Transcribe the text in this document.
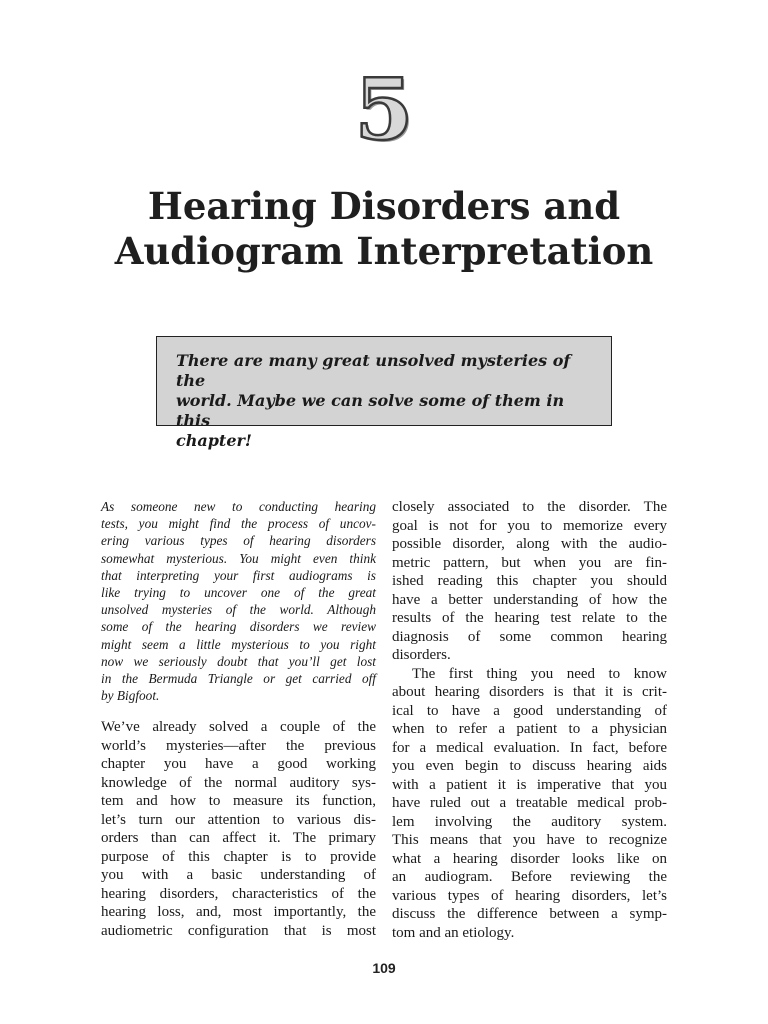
5
Hearing Disorders and
Audiogram Interpretation

There are many great unsolved mysteries of the
world. Maybe we can solve some of them in this
chapter!

As someone new to conducting hearing
tests, you might find the process of uncov-
ering various types of hearing disorders
somewhat mysterious. You might even think
that interpreting your first audiograms is
like trying to uncover one of the great
unsolved mysteries of the world. Although
some of the hearing disorders we review
might seem a little mysterious to you right
now we seriously doubt that you’ll get lost
in the Bermuda Triangle or get carried off
by Bigfoot.
We’ve already solved a couple of the
world’s mysteries—after the previous
chapter you have a good working
knowledge of the normal auditory sys-
tem and how to measure its function,
let’s turn our attention to various dis-
orders than can affect it. The primary
purpose of this chapter is to provide
you with a basic understanding of
hearing disorders, characteristics of the
hearing loss, and, most importantly, the
audiometric configuration that is most
closely associated to the disorder. The
goal is not for you to memorize every
possible disorder, along with the audio-
metric pattern, but when you are fin-
ished reading this chapter you should
have a better understanding of how the
results of the hearing test relate to the
diagnosis of some common hearing
disorders.
The first thing you need to know
about hearing disorders is that it is crit-
ical to have a good understanding of
when to refer a patient to a physician
for a medical evaluation. In fact, before
you even begin to discuss hearing aids
with a patient it is imperative that you
have ruled out a treatable medical prob-
lem involving the auditory system.
This means that you have to recognize
what a hearing disorder looks like on
an audiogram. Before reviewing the
various types of hearing disorders, let’s
discuss the difference between a symp-
tom and an etiology.
109
